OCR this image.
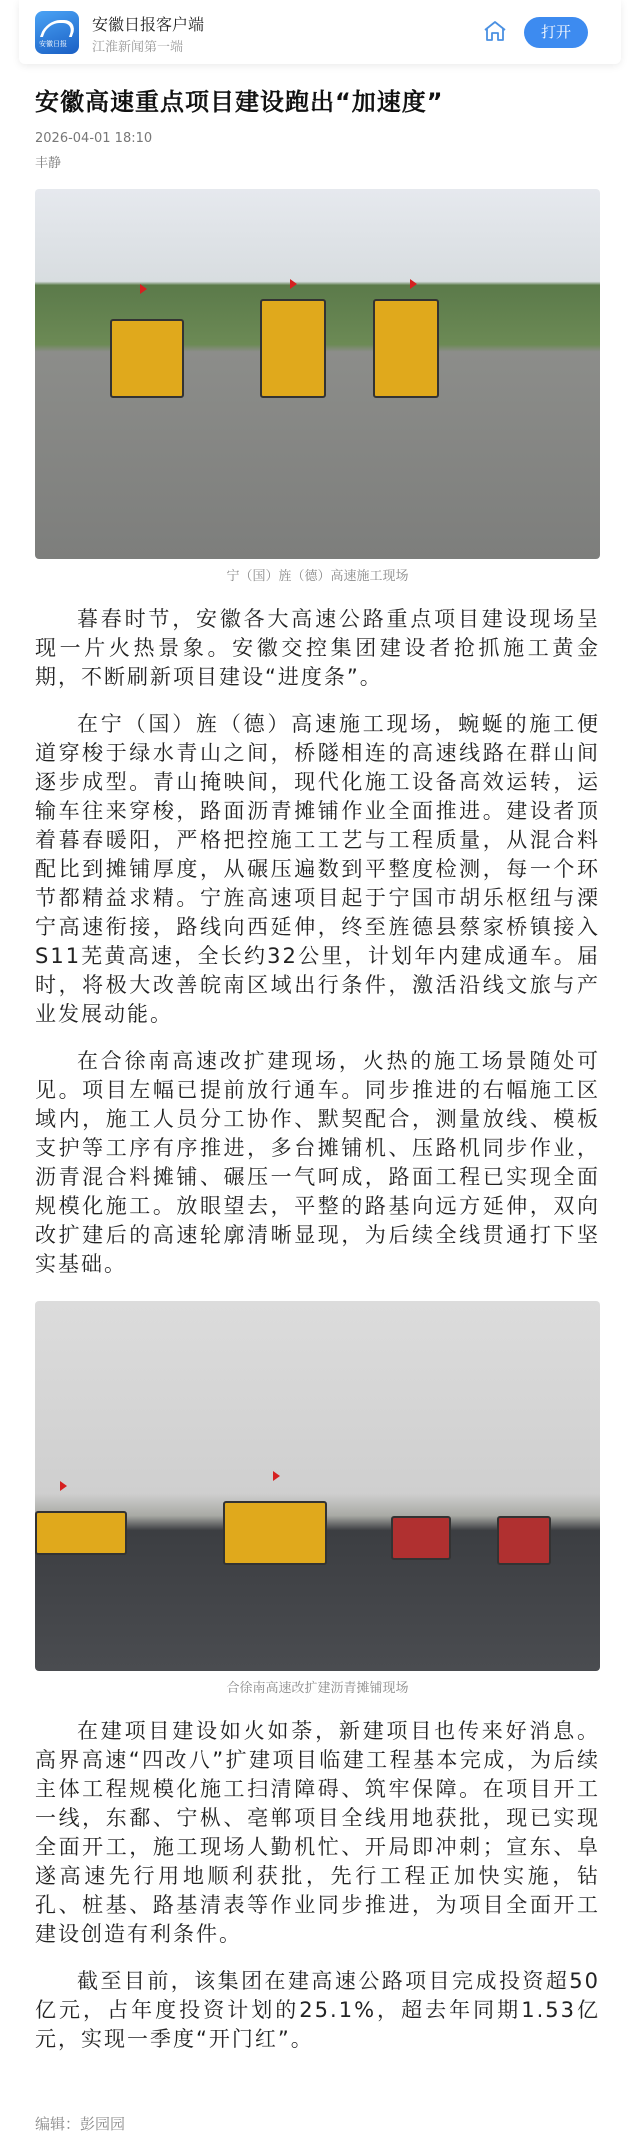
安徽日报
安徽日报客户端
江淮新闻第一端
打开
安徽高速重点项目建设跑出“加速度”
2026-04-01 18:10
丰静
宁（国）旌（德）高速施工现场

暮春时节，安徽各大高速公路重点项目建设现场呈现一片火热景象。安徽交控集团建设者抢抓施工黄金期，不断刷新项目建设“进度条”。

在宁（国）旌（德）高速施工现场，蜿蜒的施工便道穿梭于绿水青山之间，桥隧相连的高速线路在群山间逐步成型。青山掩映间，现代化施工设备高效运转，运输车往来穿梭，路面沥青摊铺作业全面推进。建设者顶着暮春暖阳，严格把控施工工艺与工程质量，从混合料配比到摊铺厚度，从碾压遍数到平整度检测，每一个环节都精益求精。宁旌高速项目起于宁国市胡乐枢纽与溧宁高速衔接，路线向西延伸，终至旌德县蔡家桥镇接入S11芜黄高速，全长约32公里，计划年内建成通车。届时，将极大改善皖南区域出行条件，激活沿线文旅与产业发展动能。

在合徐南高速改扩建现场，火热的施工场景随处可见。项目左幅已提前放行通车。同步推进的右幅施工区域内，施工人员分工协作、默契配合，测量放线、模板支护等工序有序推进，多台摊铺机、压路机同步作业，沥青混合料摊铺、碾压一气呵成，路面工程已实现全面规模化施工。放眼望去，平整的路基向远方延伸，双向改扩建后的高速轮廓清晰显现，为后续全线贯通打下坚实基础。

合徐南高速改扩建沥青摊铺现场

在建项目建设如火如荼，新建项目也传来好消息。高界高速“四改八”扩建项目临建工程基本完成，为后续主体工程规模化施工扫清障碍、筑牢保障。在项目开工一线，东鄱、宁枞、亳郸项目全线用地获批，现已实现全面开工，施工现场人勤机忙、开局即冲刺；宣东、阜遂高速先行用地顺利获批，先行工程正加快实施，钻孔、桩基、路基清表等作业同步推进，为项目全面开工建设创造有利条件。

截至目前，该集团在建高速公路项目完成投资超50亿元，占年度投资计划的25.1%，超去年同期1.53亿元，实现一季度“开门红”。

编辑：彭园园
